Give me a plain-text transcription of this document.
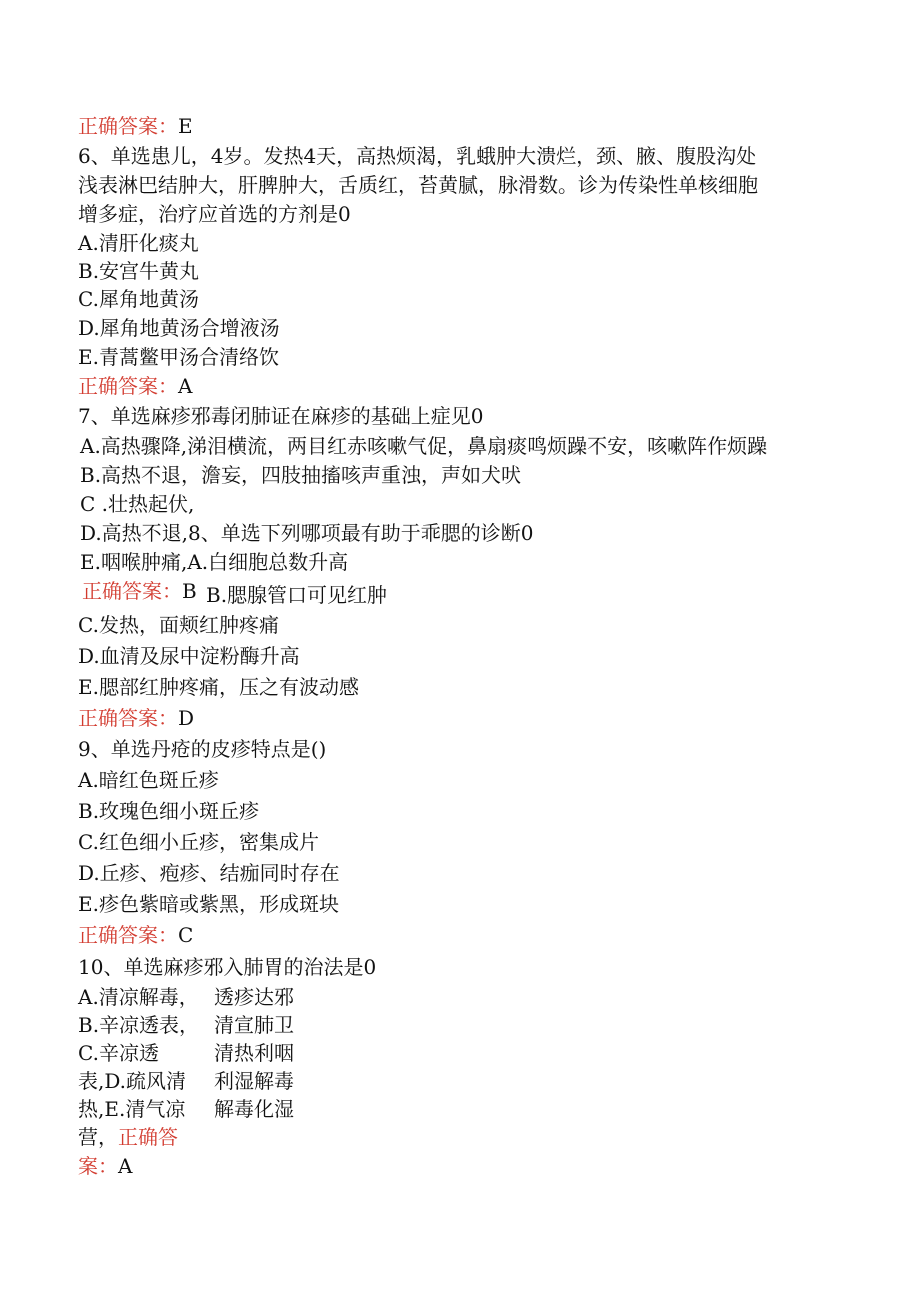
正确答案：E
6、单选患儿，4岁。发热4天，高热烦渴，乳蛾肿大溃烂，颈、腋、腹股沟处
浅表淋巴结肿大，肝脾肿大，舌质红，苔黄腻，脉滑数。诊为传染性单核细胞
增多症，治疗应首选的方剂是0
A.清肝化痰丸
B.安宫牛黄丸
C.犀角地黄汤
D.犀角地黄汤合增液汤
E.青蒿鳖甲汤合清络饮
正确答案：A
7、单选麻疹邪毒闭肺证在麻疹的基础上症见0
A.高热骤降,涕泪横流，两目红赤咳嗽气促，鼻扇痰鸣烦躁不安，咳嗽阵作烦躁
B.高热不退，澹妄，四肢抽搐咳声重浊，声如犬吠
C .壮热起伏,
D.高热不退,8、单选下列哪项最有助于乖腮的诊断0
E.咽喉肿痛,A.白细胞总数升高
正确答案：B B.腮腺管口可见红肿
C.发热，面颊红肿疼痛
D.血清及尿中淀粉酶升高
E.腮部红肿疼痛，压之有波动感
正确答案：D
9、单选丹疮的皮疹特点是()
A.暗红色斑丘疹
B.玫瑰色细小斑丘疹
C.红色细小丘疹，密集成片
D.丘疹、疱疹、结痂同时存在
E.疹色紫暗或紫黑，形成斑块
正确答案：C
10、单选麻疹邪入肺胃的治法是0
A.清凉解毒， 透疹达邪
B.辛凉透表， 清宣肺卫
C.辛凉透	清热利咽
表,D.疏风清 利湿解毒
热,E.清气凉 解毒化湿
营，正确答
案：A
